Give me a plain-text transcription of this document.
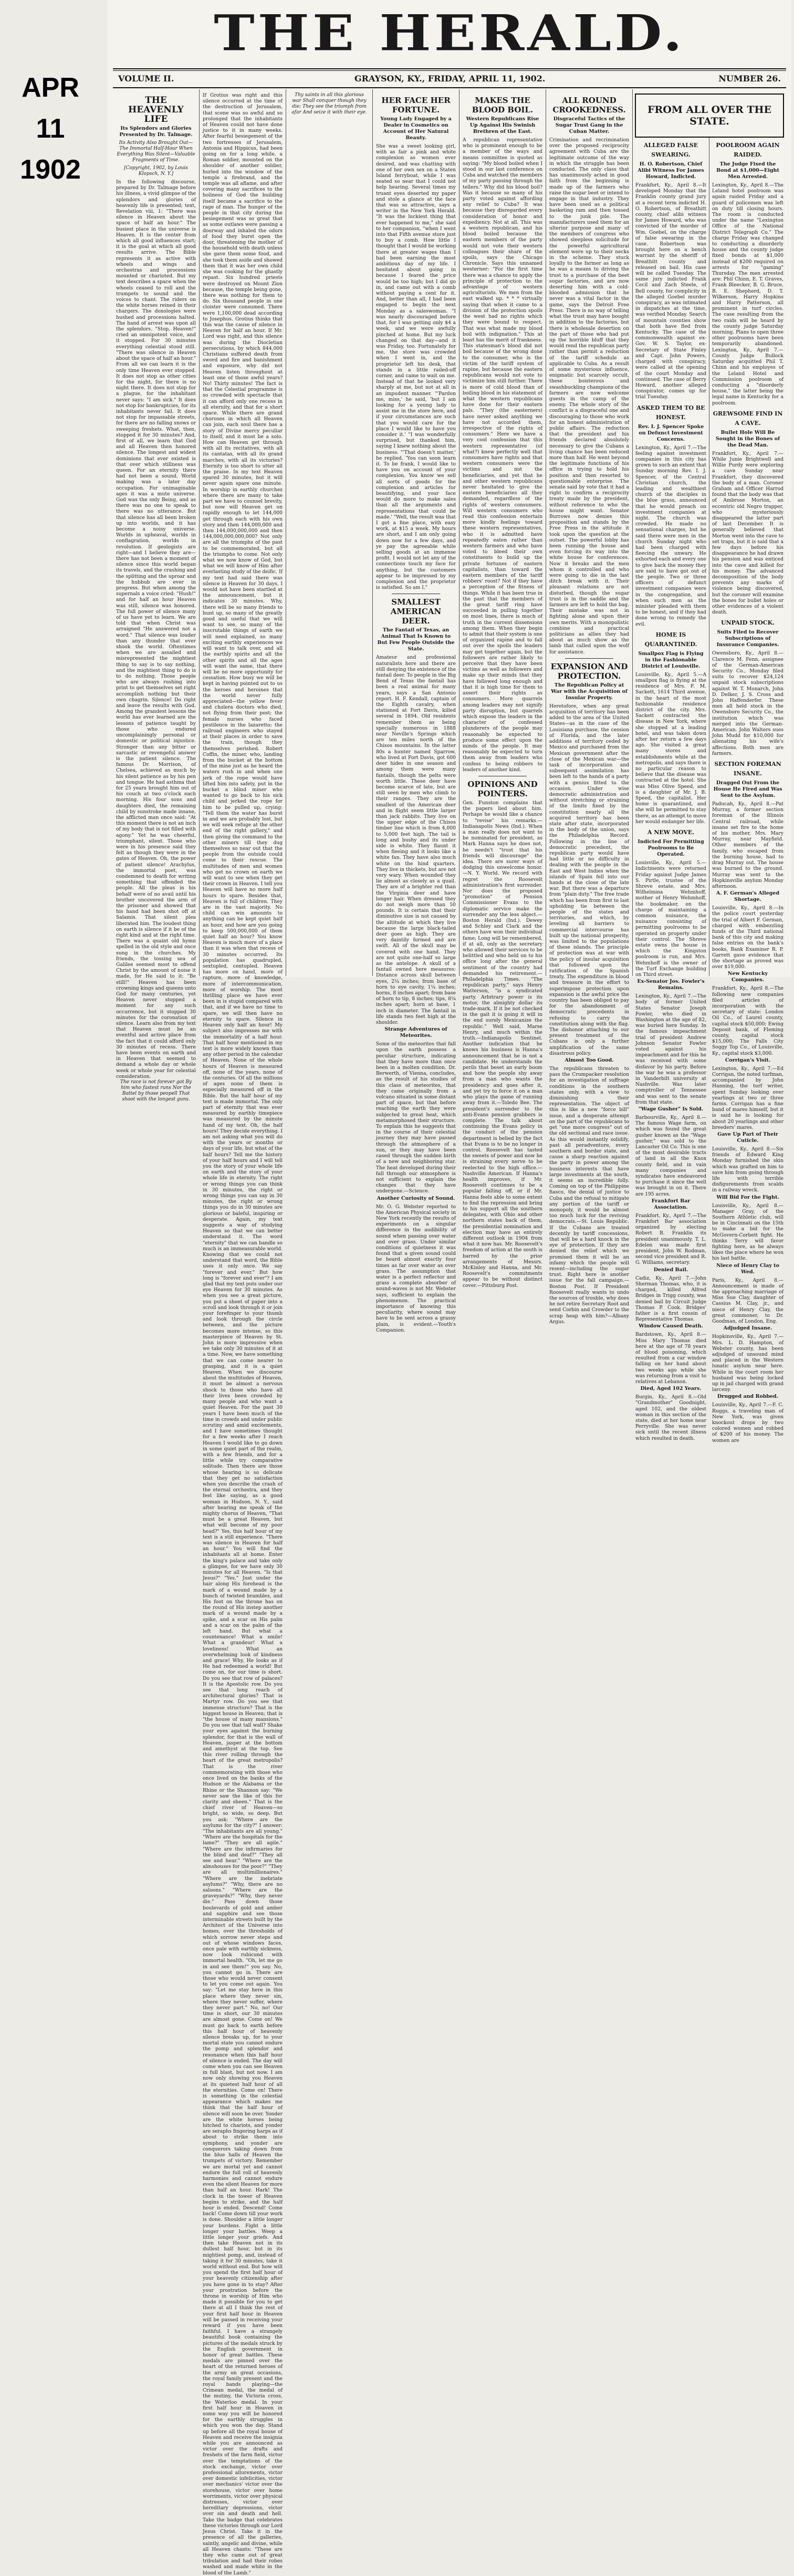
APR
11
1902
THE HERALD.
VOLUME II.	GRAYSON, KY., FRIDAY, APRIL 11, 1902.	NUMBER 26.
THE HEAVENLY LIFE
Its Splendors and Glories Presented by Dr. Talmage.
Its Activity Also Brought Out—The Immortal Half-Hour When Everything Was Silent—Valuable Fragments of Time.
[Copyright, 1902, by Louis Klopsch, N. Y.]
In the following discourse, prepared by Dr. Talmage before his illness, a vivid glimpse of the splendors and glories of heavenly life is presented; text, Revelation viii, 1: "There was silence in Heaven about the space of half an hour." The busiest place in the universe is Heaven. It is the center from which all good influences start; it is the goal at which all good results arrive. The Bible represents it as active with wheels and wings and orchestras and processions mounted or charioted. But my text describes a space when the wheels ceased to roll and the trumpets to sound and the voices to chant. The riders on the white horses reined in their chargers. The doxologies were hushed and processions halted. The hand of arrest was upon all the splendors. "Stop, Heaven!" cried an omnipotent voice, and it stopped. For 30 minutes everything celestial stood still. "There was silence in Heaven about the space of half an hour." From all we can learn it is the only time Heaven ever stopped. It does not stop as other cities for the night, for there is no night there. It does not stop for a plague, for the inhabitant never says: "I am sick." It does not stop for bankruptcies, for its inhabitants never fail. It does not stop for impassable streets, for there are no falling snows or sweeping freshets. What, then, stopped it for 30 minutes? And, first of all, we learn that God and all Heaven then honored silence. The longest and widest dominions that ever existed is that over which stillness was queen. For an eternity there had not been a sound. World making was a later day occupation. For unimaginable ages it was a mute universe. God was the only Being, and as there was no one to speak to there was no utterance. But that silence has all been broken up into worlds, and it has become a noisy universe. Worlds in upheaval, worlds in conflagration, worlds in revolution. If geologists are right—and I believe they are—there has not been a moment of silence since this world began its travels, and the crashing and the splitting and the uproar and the hubbub are ever in progress. But when among the supernals a voice cried: "Hush!" and for half an hour Heaven was still, silence was honored. The full power of silence many of us have yet to learn. We are told that when Christ was arraigned "He answered not a word." That silence was louder than any thunder that ever shook the world. Oftentimes when we are assailed and misrepresented the mightiest thing to say is to say nothing, and the mightiest thing to do is to do nothing. Those people who are always rushing into print to get themselves set right accomplish nothing but their own chagrin. Silence! Do right and leave the results with God. Among the grandest lessons the world has ever learned are the lessons of patience taught by those who endured uncomplainingly personal or domestic or political injustice. Stronger than any bitter or sarcastic or revengeful answer is the patient silence. The famous Dr. Morrison, of Chelsea, achieved as much by his silent patience as by his pen and tongue. He had asthma that for 25 years brought him out of his couch at two o'clock each morning. His four sons and daughters died, the remaining child by sunstroke made insane, the afflicted man once said: "At this moment there is not an inch of my body that is not filled with agony." Yet he was cheerful, triumphant, silent. Those who were in his presence said they felt as though they were in the gates of Heaven. Oh, the power of patient silence! Arachylus, the immortal poet, was condemned to death for writing something that offended the people. All the pleas in his behalf were of no avail until his brother uncovered the arm of the prisoner and showed that his hand had been shot off at Salamis. That silent plea liberated him. The loudest thing on earth is silence if it be of the right kind and at the right time. There was a quaint old hymn spelled in the old style and once sung in the churches. My friends, the tossing sea of Galilee seemed most to offend Christ by the amount of noise it made, for He said to it: "Be still!" Heaven has been crowning kings and queens unto God for many centuries, yet Heaven never stopped a moment for any such occurrence, but it stopped 30 minutes for the coronation of silence. Learn also from my text that Heaven must be an eventful and active place from the fact that it could afford only 30 minutes of recess. There have been events on earth and in Heaven that seemed to demand a whole day or whole week or whole year for celestial consideration.
The race is not forever got By him who fastest runs Nor the Battel by those peopell That shoot with the longest guns.
If Grotius was right and this silence occurred at the time of the destruction of Jerusalem, that scene was so awful and so prolonged that the inhabitants of Heaven could not have done justice to it in many weeks. After fearful besiegement of the two fortresses of Jerusalem, Antonia and Hippicus, had been going on for a long while, a Roman soldier, mounted on the shoulder of another soldier, hurled into the window of the temple a firebrand, and the temple was all aflame, and after covering many sacrifices to the holiness of God the building itself became a sacrifice to the rage of man. The hunger of the people in that city during the besiegement was so great that as some outlaws were passing a doorway and inhaled the odors of food they burst open the door, threatening the mother of the household with death unless she gave them some food, and she took them aside and showed them that it was her own child she was cooking for the ghastly repast. Six hundred priests were destroyed on Mount Zion because, the temple being gone, there was nothing for them to do. Six thousand people in one cloister were consumed. There were 1,100,000 dead according to Josephus. Grotius thinks that this was the cause of silence in Heaven for half an hour. If Mr. Lord was right, and this silence was during the Diocletian persecutions, by which 844,000 Christians suffered death from sword and fire and banishment and exposure, why did not Heaven listen throughout at least one of those awful years? No! Thirty minutes! The fact is that the Celestial programme is so crowded with spectacle that it can afford only one recess in all eternity, and that for a short space. While there are grand choruses in which all Heaven can join, each soul there has a story of Divine mercy peculiar to itself, and it must be a solo. How can Heaven get through with all its recitatives, with all its cantatas, with all its grand marches, with all its victories? Eternity is too short to utter all the praise. In my text Heaven spared 30 minutes, but it will never again spare one minute. In worship in earthly churches where there are many to take part we have to counsel brevity, but now will Heaven get on rapidly enough to let 144,000 get through each with his own story and then 144,000,000 and then 144,000,000,000 and then 144,000,000,000,000? Not only are all the triumphs of the past to be commemorated, but all the triumphs to come. Not only what we now know of God, but what we will know of Him after everlasting study of the deific. If my text had said there was silence in Heaven for 30 days, I would not have been startled at the announcement, but it indicates 30 minutes. Why, there will be so many friends to hunt up, so many of the greatly good and useful that we will want to see, so many of the inscrutable things of earth we will need explained, so many exciting earthly experiences we will want to talk over, and all the earthly spirits and all the other spirits and all the ages will want the same, that there will be no more opportunity for cessation. How busy we will be kept in having pointed out to us the heroes and heroines that the world never fully appreciated—the yellow fever and cholera doctors who died, not flying from their post; the female nurses who faced pestilence in the lazaretto; the railroad engineers who stayed at their places in order to save the train, though they themselves perished. Robert Coffin, the miner, who, landing from the bucket at the bottom of the mine just as he heard the waters rush in and when one jerk of the rope would have lifted him into safety, put in the bucket a blind miner who wanted to go back to his sick child and jerked the rope for him to be pulled up, crying: "Tell them the water has burst in and we are probably lost, but we will seek refuge at the other end of the right gallery," and then giving the command to the other miners till they dug themselves so near out that the people from the outside could come to their rescue. The multitudes of men and women who get no crown on earth we will want to see when they get their crown in Heaven. I tell you Heaven will have no more half hours to spare. Besides that, Heaven is full of children. They are in the vast majority. No child can win amounts to anything can be kept quiet half an hour, and how are you going to keep 500,000,000 of them quiet half an hour? You know Heaven is much more of a place than it was when that recess of 30 minutes occurred. Its population has quadrupled, sextupled, centupled. Heaven has more on hand, more of rapture, more of knowledge, more of intercommunication, more of worship. The most thrilling place we have ever been in is stupid compared with that, and if we have no time to spare, we will then have no eternity to spare. Silence in Heaven only half an hour! My subject also impresses me with the immortality of a half hour. That half hour mentioned in my text is more widely known than any other period in the calendar of Heaven. None of the whole hours of Heaven is measured off, none of the years, none of the centuries. Of all the millions of ages none of them is especially measured off in the Bible. But the half hour of my text is made immortal. The only part of eternity that was ever measured by earthly timepiece was measured by the minute hand of my text. Oh, the half hours! They decide everything. I am not asking what you will do with the years or months or days of your life, but what of the half hours? Tell me the history of your half hours and I will tell you the story of your whole life on earth and the story of your whole life in eternity. The right or wrong things you can think in 30 minutes, the right or wrong things you can say in 30 minutes, the right or wrong things you do in 30 minutes are glorious or baleful, inspiring or desperate. Again, my text suggests a way of studying Heaven so that we can better understand it. The word "eternity" that we can handle so much is an immeasurable world. Knowing that we could not understand that word, the Bible uses it only once. We say "forever and ever." But how long is "forever and ever"? I am glad that my text puts under our eye Heaven for 30 minutes. As when you see a great picture, you put a sheet of paper into a scroll and look through it or join your forefinger to your thumb and look through the circle between, and the picture becomes more intense, so this masterpiece of Heaven by St. John is more impressive when we take only 30 minutes of it at a time. Now, we have something that we can come nearer to grasping, and it is a quiet Heaven. When we discourse about the multitudes of Heaven, it must be almost a nervous shock to those who have all their lives been crowded by many people and who want a quiet Heaven. For the past 30 years I have been much of the time in crowds and under public scrutiny and amid excitements, and I have sometimes thought for a few weeks after I reach Heaven I would like to go down in some quiet part of the realm, with a few friends, and for a little while try comparative solitude. Then there are those whose hearing is so delicate that they get no satisfaction when you describe the crash of the eternal orchestra, and they feel like saying, as a good woman in Hudson, N. Y., said after hearing me speak of the mighty chorus of Heaven, "That must be a great Heaven, but what will become of my poor head?" Yes, this half hour of my text is a still experience. "There was silence in Heaven for half an hour." You will find the inhabitants all at home. Enter the king's palace and take only a glimpse, for we have only 30 minutes for all Heaven. "Is that Jesus?" "Yes." Just under the hair along His forehead is the mark of a wound made by a bunch of twisted brambles, and His foot on the throne has on the round of His instep another mark of a wound made by a spike, and a scar on His palm and a scar on the palm of the left hand. But what a countenance! What a smile! What a grandeur! What a loveliness! What an overwhelming look of kindness and grace! Why, He looks as if He had redeemed a world! But come on, for our time is short. Do you see that row of palaces? It is the Apostolic row. Do you see that long reach of architectural glories? That is Martyr row. Do you see that immense structure? That is the biggest house in Heaven; that is "the house of many mansions." Do you see that tall wall? Shake your eyes against the burning splendor, for that is the wall of Heaven, jasper at the bottom and amethyst at the top. See this river rolling through the heart of the great metropolis? That is the river commemorating with those who once lived on the banks of the Hudson or the Alabama or the Rhine or the Shannon say: "We never saw the like of this for clarity and sheen." That is the chief river of Heaven—so bright, so wide, so deep. But you ask: "Where are the asylums for the city?" I answer: "The inhabitants are all young." "Where are the hospitals for the lame?" "They are all agile." "Where are the infirmaries for the blind and deaf?" "They all see and hear." "Where are the almshouses for the poor?" "They are all multimillionaires." "Where are the inebriate asylums?" "Why, there are no saloons." "Where are the graveyards?" "Why, they never die." Pass down those boulevards of gold and amber and sapphire and see those interminable streets built by the Architect of the Universe into homes, over the thresholds of which sorrow never steps and out of whose windows faces, once pale with earthly sickness, now look rubicund with immortal health. "Oh, let me go in and see them!" you say. No, you cannot go in. There are those who would never consent to let you come out again. You say: "Let me stay here in this place where they never sin, where they never suffer, where they never part." No, no! Our time is short, our 30 minutes are almost gone. Come on! We must go back to earth before this half hour of heavenly silence breaks up, for to your mortal state you cannot endure the pomp and splendor and resonance when this half hour of silence is ended. The day will come when you can see Heaven in full blast, but not now. I am now only showing you Heaven at its quietest half hour of all the eternities. Come on! There is something in the celestial appearance which makes me think that the half hour of silence will soon be over. Yonder are the white horses being hitched to chariots, and yonder are seraphs fingering harps as if about to strike them into symphony, and yonder are conquerors taking down from the blue halls of Heaven the trumpets of victory. Remember we are mortal yet and cannot endure the full roll of heavenly harmonies and cannot endure even the silent Heaven for more than half an hour. Hark! The clock in the tower of Heaven begins to strike, and the half hour is ended. Descend! Come back! Come down till your work is done. Shoulder a little longer your burdens. Fight a little longer your battles. Weep a little longer your griefs. And then take Heaven not in its dullest half hour, but in its mightiest pomp, and, instead of taking it for 30 minutes, take it world without end. But how will you spend the first half hour of your heavenly citizenship after you have gone in to stay? After your prostration before the throne in worship of Him who made it possible for you to get there at all I think the rest of your first half hour in Heaven will be passed in receiving your reward if you have been faithful. I have a strangely beautiful book containing the pictures of the medals struck by the English government in honor of great battles. These medals are pinned over the heart of the returned heroes of the army on great occasions, the royal family present and the royal bands playing—the Crimean medal, the medal of the mutiny, the Victoria cross, the Waterloo medal. In your first half hour in Heaven in some way you will be honored for the earthly struggles in which you won the day. Stand up before all the royal house of Heaven and receive the insignia while you are announced as victor over the drafts and freshets of the farm field, victor over the temptations of the stock exchange, victor over professional allurements, victor over domestic infelicities, victor over mechanics' victor over the storehouse, victor over home worriments, victor over physical distresses, victor over hereditary depressions, victor over sin and death and hell. Take the badge that celebrates these victories through our Lord Jesus Christ. Take it in the presence of all the galleries, saintly, angelic and divine, while all Heaven chants: "These are they who came out of great tribulation and had their robes washed and made white in the blood of the Lamb."
Thy saints in all this glorious war Shall conquer though they die; They see the triumph from afar And seize it with their eye.
HER FACE HER FORTUNE.
Young Lady Engaged by a Dealer in Cosmetics on Account of Her Natural Beauty.
She was a sweet looking girl, with as fair a pink and white complexion as women ever desired, and was chatting with one of her own sex on a Staten Island ferryboat, while I was seated so near that I could not help hearing. Several times my truant eyes deserted my paper and stole a glance at the face that was so attractive, says a writer in the New York Herald. "It was the luckiest thing that ever happened to me," she said to her companion, "when I went into that Fifth avenue store just to buy a comb. How little I thought that I would be working there at greater wages than I had been earning the most ambitious day of my life. I hesitated about going in because I feared the price would be too high; but I did go in, and came out with a comb without paying a cent for it. And, better than all, I had been engaged to begin the next Monday as a saleswoman. "I was nearly discouraged before that, for I was getting only $4 a week, and we were awfully pinched at home. But my luck changed on that day—and it was Friday, too. Fortunately for me, the store was crowded when I went in, and the proprietor left his desk, that stands in a little railed-off corner, and came to wait on me. Instead of that he looked very sharply at me, but not at all in an impudent manner. "'Pardon me, miss,' he said, 'but I am looking for a young lady to assist me in the store here, and if your circumstances are such that you would care for the place I would like to have you consider it.' "I was wonderfully surprised, but thanked him, saying I knew nothing about the business. "'That doesn't matter,' he replied. 'You can soon learn it. To be frank, I would like to have you on account of your complexion. You know we sell all sorts of goods for the complexion and articles for beautifying, and your face would do more to make sales than all the arguments and representations that could be made.' "Well, the result was that I got a fine place, with easy work, at $15 a week. My hours are short, and I am only going down now for a few days, and ye pay the agreeable while selling goods at an immense profit. I would not let any of the connections touch my face for anything, but the customers appear to be impressed by my complexion and the proprietor is satisfied. So am I."
SMALLEST AMERICAN DEER.
The Fantail of Texas, an Animal That Is Known to But Few People Outside the State.
Amateur and professional naturalists here and there are still denying the existence of the fantail deer. To people in the Big Bend of Texas the fantail has been a real animal for many years, says a San Antonio report. H. F. Kendall, captain of the Eighth cavalry, when stationed at Fort Davis, killed several in 1894. Old residents remember them as being specially numerous in 1888 near Neville's Springs which are ten miles north of the Chisos mountains. In the latter 80s a hunter named Sparrow, who lived at Fort Davis, got 600 deer hides in one season and among them were many fantails, though the pelts were worth little. These deer have become scarce of late, but are still seen by men who climb to their ranges. They are the smallest of the American deer and in flight seem little larger than jack rabbits. They live on the upper edge of the Chisos timber line which is from 4,000 to 5,000 feet high. The tail is long and bushy and its under side is white. They flaunt it when fleeing and it looks like a white fan. They have also much white on the hind quarters. They live in thickets, but are not very wary. When wounded they lie almost as closely as a quail. They are of a brighter red than the Virginia deer and have longer hair. When dressed they do not weigh more than 50 pounds. It is certain that their diminutive size is not caused by the altitude at which they live because the large black-tailed deer goes as high. They are very daintily formed and are swift. All of the skull may be covered with one hand. They are not quite one-half so large as the antelope. A skull of a fantail owned here measures: Distance across skull between eyes, 2¼ inches; from base of horn to eye cavity, 1¼ inches; horns, 8 inches apart; from base of horn to tip, 8 inches; tips, 8¼ inches apart; horn at base, 1 inch in diameter. The fantail in life stands two feet high at the shoulder.
Strange Adventures of Meteorites.
Some of the meteorites that fall upon the earth possess a peculiar structure, indicating that they have more than once been in a molten condition. Dr. Berwerth, of Vienna, concludes, as the result of his studies of this class of meteorites, that they came originally from a volcano situated in some distant part of space, but that before reaching the earth they were subjected to great heat, which metamorphosed their structure. To explain this he suggests that in the course of their celestial journey they may have passed through the atmosphere of a sun, or they may have been cased through the sudden birth of a new and neighboring star. The heat developed during their fall through our atmosphere is not sufficient to explain the changes that they have undergone.—Science.
Another Curiosity of Sound.
Mr. O. G. Webster reported to the American Physical society in New York recently the results of experiments on a singular difference in the audibility of sound when passing over water and over grass. Under similar conditions of quietness it was found that a given sound could be heard almost exactly four times as far over water as over grass. The assumption that water is a perfect reflector and grass a complete absorber of sound-waves is not Mr. Webster says, sufficient to explain the phenomenon. The practical importance of knowing this peculiarity, where sound may have to be sent across a grassy plain, is evident.—Youth's Companion.
MAKES THE BLOOD BOIL.
Western Republicans Rise Up Against His Swinish Brethren of the East.
A republican representative who is prominent enough to be a member of the ways and means committee is quoted as saying: "My blood boiled when I stood in our last conference on Cuba and watched the members of my party passing through the tellers." Why did his blood boil? Was it because so many of his party voted against affording any relief to Cuba? It was because they disregarded every consideration of honor and expediency. Not at all. This was a western republican, and his blood boiled because the eastern members of the party would not vote their western colleagues their share of the spoils, says the Chicago Chronicle. Says this unnamed westerner: "For the first time there was a chance to apply the principle of protection to the advantage of western agriculturists. We men from the east walked up. * * * virtually saying that when it came to a division of the protection spoils the west had no rights which they were bound to respect. That was what made my blood boil with indignation." This at least has the merit of frankness. This statesman's blood did not boil because of the wrong done to the consumer, who is the victim of the tariff system of rapine, but because the eastern republicans would not vote to victimize him still further. There is more of cold blood than of boiling blood in his statement of what the western republicans have done for their eastern pals. "They (the easterners) have never asked anything we have not accorded them, irrespective of the rights of consumers." Here we have a very cool confession that this western representative (of what?) knew perfectly well that consumers have rights and that western consumers were the victims and not the beneficiaries, and yet that he and other western republicans never hesitated to give the eastern beneficiaries all they demanded, regardless of the rights of western consumers. Will western consumers who read this confession entertain more kindly feelings toward these western representatives, who it is admitted have repeatedly eaten rather than western farmers and who have voted to bleed their own constituents to build up the private fortunes of eastern capitalists, than toward the eastern members of the tariff robbers' roost? Not if they have a perception of the fitness of things. While it has been true in the past that the members of the great tariff ring have succeeded in pulling together on most lines, there is much of truth in the current dissensions among them. When they begin to admit that their system is one of organized rapine and to fall out over the spoils the leaders may get together again, but the followers are rather likely to perceive that they have been victims as well as followers and make up their minds that they have followed long enough and that it is high time for them to assert their rights as consumers. More quarrels among leaders may not signify party disruption, but quarrels which expose the leaders in the character of confessed plunderers of the people may reasonably be expected to produce some effect upon the minds of the people. It may reasonably be expected to turn them away from leaders who confess to being robbers to leaders of another kind.
OPINIONS AND POINTERS.
Gen. Funston complains that the papers lied about him. Perhaps he would like a chance to "revise" his remarks.—Indianapolis News (Ind.). When a man really does not want to be nominated for president, as Mark Hanna says he does not, he needn't "trust that his friends will discourage" the idea. There are surer ways of dodging this unwelcome honor.—N. Y. World. We record with regret the Roosevelt administration's first surrender. Nor does the proposed "promotion" of Pension Commissioner Evans to the diplomatic service make the surrender any the less abject.—Boston Herald (Ind.). Dewey and Schley and Clark and the others have won their individual fame; Long will be remembered, if at all, only as the secretary who allowed their services to be belittled and who held on to his office long after the general sentiment of the country had demanded his retirement.—Philadelphia Times. "The republican party," says Henry Watterson, "is a syndicated party. Arbitrary power is its motor, the almighty dollar its trade-mark. If it be not checked in the gait it is going it will in the end surely Mexicanize the republic." Well said, Marse Henry, and much within the truth.—Indianapolis Sentinel. Another indication that he knows his business is Hanna's announcement that he is not a candidate. He understands the perils that beset an early boom and how the people shy away from a man who wants the presidency and goes after it, and yet try to force it on a man who plays the game of running away from it.—Toledo Bee. The president's surrender to the anti-Evans pension grabbers is complete. The talk about continuing the Evans policy in the conduct of the pension department is belied by the fact that Evans is to be no longer in control. Roosevelt has tasted the sweets of power and now he is straining every nerve to be reelected to the high office.—Nashville American. If Hanna's health improves, if Mr. Roosevelt continues to be a popular falling off, or if Mr. Hanna feels able to some extent to find the repression and bring to his support all the southern delegates, with Ohio and other northern states back of them, the presidential nomination and election may have an entirely different outlook in 1904 from what it now has. Mr. Roosevelt's freedom of action at the south is barred by the prior arrangements of Messrs. McKinley and Hanna, and Mr. Roosevelt's commitments appear to be without distinct cover.—Pittsburg Post.
ALL ROUND CROOKEDNESS.
Disgraceful Tactics of the Sugar Trust Gang in the Cuban Matter.
Crimination and recrimination over the proposed reciprocity agreement with Cuba are the legitimate outcome of the way in which the struggle has been conducted. The only class that has unanimously acted in good faith from the beginning is made up of the farmers who raise the sugar beet or intend to engage in that industry. They have been used as a political basketing ram and then tossed to the junk pile. The manufacturers used them for an ulterior purpose and many of the members of congress who showed sleepless solicitude for the powerful agricultural element were up to their necks in the scheme. They stuck loyally to the farmer as long as he was a means to driving the trust to a purchase of the beet sugar factories, and are now deserting him with a cold-blooded admission that he never was a vital factor in the game, says the Detroit Free Press. There is no way of telling what the trust may have bought in addition to the factories, but there is wholesale desertion on the part of those who had put up the horrible bluff that they would rend the republican party rather than permit a reduction of the tariff schedule as applicable to Cuba. As a result of some mysterious influence, enigmatic but scarcely occult, these boisterous and swashbuckling champions of the farmers are now welcome guests in the camp of the enemy. The whole story of the conflict is a disgraceful one and discouraging to those who work for an honest administration of public affairs. The reduction that the president and his friends declared absolutely necessary to give the Cubans a living chance has been reduced more than half. He went beyond the legitimate functions of his office in trying to hold his position and then resorted to questionable enterprise. The senate said by vote that it had a right to confirm a reciprocity treaty made by the president, without reference to who the house might want. Senator Burrows now denies this proposition and stands by the Free Press in the attitude it took upon the question at the outset. The powerful lobby has been running the house and even forcing its way into the white house for conferences. Now it breaks and the men whom it controlled and who were going to die in the last ditch break with it. Their pleasant relations are not disturbed, though the sugar trust is in the saddle and the farmers are left to hold the bag. Their mistake was not in fighting alone and upon their own merits. With a monopolistic combine and practical politicians as allies they had about as much show as the lamb that called upon the wolf for assistance.
EXPANSION AND PROTECTION.
The Republican Policy at War with the Acquisition of Insular Property.
Heretofore, when any great acquisition of territory has been added to the area of the United States—as in the case of the Louisiana purchase, the cession of Florida, and the later additions of territory ceded by Mexico and purchased from the Mexican government after the close of the Mexican war—the task of incorporation and subsequent assimilation has been left to the hands of a party with a genius fitted to the occasion. Under wise democratic administration and without stretching or straining of the limits fixed by the constitution nearly all the acquired territory has been state after state, incorporated in the body of the union, says the Philadelphia Record. Following in the line of democratic precedent, the republican party would have had little or no difficulty in dealing with the people in the East and West Indies when the islands of Spain fell into our hands at the close of the late war. But there was a departure from "plain duty." The free trade which has been from first to last upholding tie between the people of the states and territories, and which, by leveling all barriers to commercial intercourse has built up the national prosperity, was limited to the populations of these islands. The principle of protection was at war with the policy of insular acquisition that followed upon the ratification of the Spanish treaty. The expenditure in blood and treasure in the effort to superimpose protection upon expansion is the awful price the country has been obliged to pay for the abandonment of democratic precedents in refusing to carry the constitution along with the flag. The dishonor attaching to our present treatment of the Cubans is only a further amplification of the same disastrous policy.
Almost Too Good.
The republicans threaten to pass the Crumpacker resolution for an investigation of suffrage conditions in the southern states only, with a view to diminishing their representation. The object of this is like a new "force bill" issue, and a desperate attempt on the part of the republicans to get "one more congress" out of the old sectional and race issue. As this would instantly solidify, past all peradventure, every southern and border state, and cause a sharp reaction against the party in power among the business interests that have large investments at the south, it seems an incredible folly. Coming on top of the Philippine fiasco, the denial of justice to Cuba and the refusal to mitigate any portion of the tariff or monopoly, it would be almost too much luck for the reviving democrats.—St. Louis Republic. If the Cubans are treated decently by tariff concessions, that will be a hard knock in the eye of protection. If they are denied the relief which we promised them it will be an infamy which the people will resent—including the sugar trust. Right here is another issue for the fall campaign.—Boston Post. If President Roosevelt really wants to undo the sources of trouble, why does he not retire Secretary Root and send Corbin and Crowder to the scrap heap with him?—Albany Argus.
FROM ALL OVER THE STATE.
ALLEGED FALSE SWEARING.
H. O. Robertson, Chief Alibi Witness For James Howard, Indicted.
Frankfort, Ky., April 8.—It developed Monday that the Franklin county grand jury at a recent term indicted H. O. Robertson, of Breathitt county, chief alibi witness for James Howard, who was convicted of the murder of Wm. Goebel, on the charge of false swearing in the case. Robertson was brought here on a bench warrant by the sheriff of Breathitt county and released on bail. His case will be called Tuesday. The same jury indicted Frank Cecil and Zach Steele, of Bell county, for complicity in the alleged Goebel murder conspiracy, as was intimated in dispatches at the time, was verified Monday. Search of mountain counties show that both have fled from Kentucky. The case of the commonwealth against ex-Gov. W. S. Taylor, ex-Secretary of State Finley and Capt. John Powers, charged with conspiracy, were called at the opening of the court Monday and continued. The case of Berry Howard, another alleged conspirator, comes up for trial Tuesday.
ASKED THEM TO BE HONEST.
Rev. I. J. Spencer Spoke on Defunct Investment Concerns.
Lexington, Ky., April 7.—The feeling against investment companies in this city has grown to such an extent that Sunday morning Rev. I. J. Spencer, of the Central Christian church, the leading and wealthiest church of the disciples in the blue grass, announced that he would preach on investment companies at night. The church was crowded. He made no sensational charges, but he said there were men in the church Sunday night who had been charged with fleecing the unwary. He exhorted each and every one to give back the money they are said to have got out of the people. Two or three officers of defunct investment companies were in the congregation, and when such men as the minister pleaded with them to be honest, and if they had done wrong to remedy the evil.
HOME IS QUARANTINED.
Smallpox Flag is Flying in the Fashionable District of Louisville.
Louisville, Ky., April 5.—A smallpox flag is flying at the residence of Mrs. F. M. Sackett, 1614 Third avenue, in the heart of the most fashionable residence district of the city. Mrs. Sackett contracted the disease in New York, where she stopped at a leading hotel, and was taken down after her return a few days ago. She visited a great many stores and establishments while at the metropolis, and says there is no particular reason to believe that the disease was contracted at the hotel. She was Miss Olive Speed, and is a daughter of Mr. J. B. Speed, the capitalist. Her home is quarantined, and she will be permitted to stay there, as an attempt to move her would endanger her life.
A NEW MOVE.
Indicted For Permitting Poolrooms to Be Operated.
Louisville, Ky., April 5.—Indictments were returned Friday against Judge James S. Pirtle, trustee of the Shreve estate, and Mrs. Wilhelmina Wehmhoff, mother of Henry Wehmhoff, the bookmaker, on the charge of maintaining a common nuisance, the nuisance consisting of permitting poolrooms to be operated on property under their control. The Shreve estate owns the house in which the Kingston poolroom is run, and Mrs. Wehmhoff is the owner of the Turf Exchange building on Third street.
Ex-Senator Jos. Fowler's Remains.
Lexington, Ky., April 7.—The body of former United States Senator Joseph Fowler, who died in Washington at the age of 82, was buried here Sunday. In the famous impeachment trial of president Andrew Johnson Senator Fowler voted against his impeachment and for this he was received with some disfavor by his party. Before the war he was a professor in Vanderbilt university at Nashville. Was later comptroller of Tennessee and was sent to the senate from that state.
"Wage Gusher" Is Sold.
Barbourville, Ky., April 8.—The famous Wage farm, on which was found the great gusher known as the "Wage gusher," was sold to the Lancaster Oil Co. This is one of the most desirable tracts of land in all the Knox county field, and in vain many companies and syndicates have endeavored to purchase it since the well was brought in on it. There are 195 acres.
Frankfort Bar Association.
Frankfort, Ky., April 7.—The Frankfort Bar association organized by electing Robert B. Franklin its president unanimously. T. L. Edelen was made first president, John W. Rodman, second vice president and R. G. Williams, secretary.
Denied Bail.
Cadiz, Ky., April 7.—John Sherman Thomas, who, it is charged, killed Alfred Bridges in Trigg county, was denied bail by Circuit Judge Thomas P. Cook. Bridges' father is a first cousin of Representative Thomas.
Window Caused Death.
Bardstown, Ky., April 8.—Miss Mary Thomas died here at the age of 78 years of blood poisoning, which resulted from a car window falling on her hand about two weeks ago while she was returning from a visit to relatives at Lebanon.
Died, Aged 102 Years.
Burgin, Ky., April 8.—Old "Grandmother" Goodnight, aged 102, and the oldest woman in this section of the state, died at her home near Perryville. She was never sick until the recent illness which resulted in death.
POOLROOM AGAIN RAIDED.
The Judge Fixed the Bond at $1,000—Eight Men Arrested.
Lexington, Ky., April 8.—The Leland hotel poolroom was again raided Friday and a guard of policemen was left on duty till closing hours. The room is conducted under the name "Lexington Office of the National District Telegraph Co." The charge Friday was changed to conducting a disorderly house and the county judge fixed bonds at $1,000 instead of $200 required on arrests for "gaming" Thursday. The men arrested are: Phil Chinn, E. T. Graves, Frank Bleecker, B. G. Bruce, B. E. Shepherd, D. T. Wilkerson, Harry Hopkins and Harry Patterson, all prominent in turf circles. The case resulting from the two raids will be heard by the county judge Saturday morning. Plans to open three other poolrooms have been temporarily abandoned. Lexington, Ky., April 7.—County Judge Bullock Saturday acquitted Phil T. Chinn and his employes of the Leland Hotel and Commission poolroom of conducting a "disorderly house," the latter being the legal name in Kentucky for a poolroom.
GREWSOME FIND IN A CAVE.
Bullet Hole Will Be Sought in the Bones of the Dead Man.
Frankfort, Ky., April 7.—While Junie Brightwell and Willie Purdy were exploring a cave Sunday near Frankfort, they discovered the body of a man. Coroner Graham and Officer Harrod found that the body was that of Ambrose Morton, an eccentric old Negro trapper, who mysteriously disappeared the latter part of last December. It is generally believed that Morton went into the cave to set traps, but it is said that a few days before his disappearance he had drawn his pension and was enticed into the cave and killed for his money. The advanced decomposition of the body prevents any marks of violence being discovered, but the coroner will examine the bones for bullet holes or other evidences of a violent death.
UNPAID STOCK.
Suits Filed to Recover Subscriptions of Insurance Companies.
Owensboro, Ky., April 8.—Clarence M. Fenn, assignee of the German-American Security Co., Monday filed suits to recover $24,124 unpaid stock subscriptions against W. T. Monarch, John D. Delker, J. S. Cross and John Haffenderfer. These men all held stock in the Owensboro Security Co., the institution which was merged into the German-American. John Walters sues John Mudd for $10,000 for alienating his wife's affections. Both men are farmers.
SECTION FOREMAN INSANE.
Dragged Out From the House He Fired and Was Sent to the Asylum.
Paducah, Ky., April 8.—Pat Murray, a former section foreman of the Illinois Central railroad, while insane set fire to the home of his mother, Mrs. Mary Murray, near Mayfield. Other members of the family, who escaped from the burning house, had to drag Murray out. The house was burned to the ground. Murray was sent to the Hopkinsville asylum Monday afternoon.
A. F. German's Alleged Shortage.
Louisville, Ky., April 8.—In the police court yesterday the trial of Albert F. German, charged with embezzling funds of the Third national bank of this city and making false entries on the bank's books, Bank Examiner R. P. Garrett gave evidence that the shortage as proved was over $19,000.
New Kentucky Companies.
Frankfort, Ky., April 8.—The following new companies filed articles of incorporation with the secretary of state: London Oil Co., of Laurel county, capital stock $50,000; Ewing Deposit bank, of Fleming county, capital stock $15,000; The Falls City Soggy Top Co., of Louisville, Ky., capital stock $3,000.
Corrigan's Visit.
Lexington, Ky., April 7.—Ed Corrigan, the noted turfman, accompanied by John Hanning, the turf writer, spent Sunday looking over yearlings at two or three farms. Corrigan has a fine band of mares himself, but it is said he is looking for about 20 yearlings and other breeders' mares.
Gave Up Part of Their Cuticle.
Louisville, Ky., April 8.—Six friends of Edward King Monday furnished the skin which was grafted on him to save him from going through life with terrible disfigurements from scalds in a railway wreck.
Will Bid For the Fight.
Louisville, Ky., April 8.—Manager Gray, of the Southern Athletic club, will be in Cincinnati on the 15th to make a bid for the McGovern-Corbett fight. He thinks Terry will favor fighting here, as he always likes the place where he won his last battle.
Niece of Henry Clay to Wed.
Paris, Ky., April 8.—Announcement is made of the approaching marriage of Miss Sue Clay, daughter of Cassius M. Clay, jr., and niece of Henry Clay, the great commoner, to Dr. Goodman, of London, Eng.
Adjudged Insane.
Hopkinsville, Ky., April 7.—Mrs. L. D. Hampton, of Webster county, has been adjudged of unsound mind and placed in the Western lunatic asylum near here. While in the court room her husband was being locked up in jail charged with grand larceny.
Drugged and Robbed.
Louisville, Ky., April 7.—F. C. Ruggs, a traveling man of New York, was given knockout drops by two colored women and robbed of $200 of his money. The women are
